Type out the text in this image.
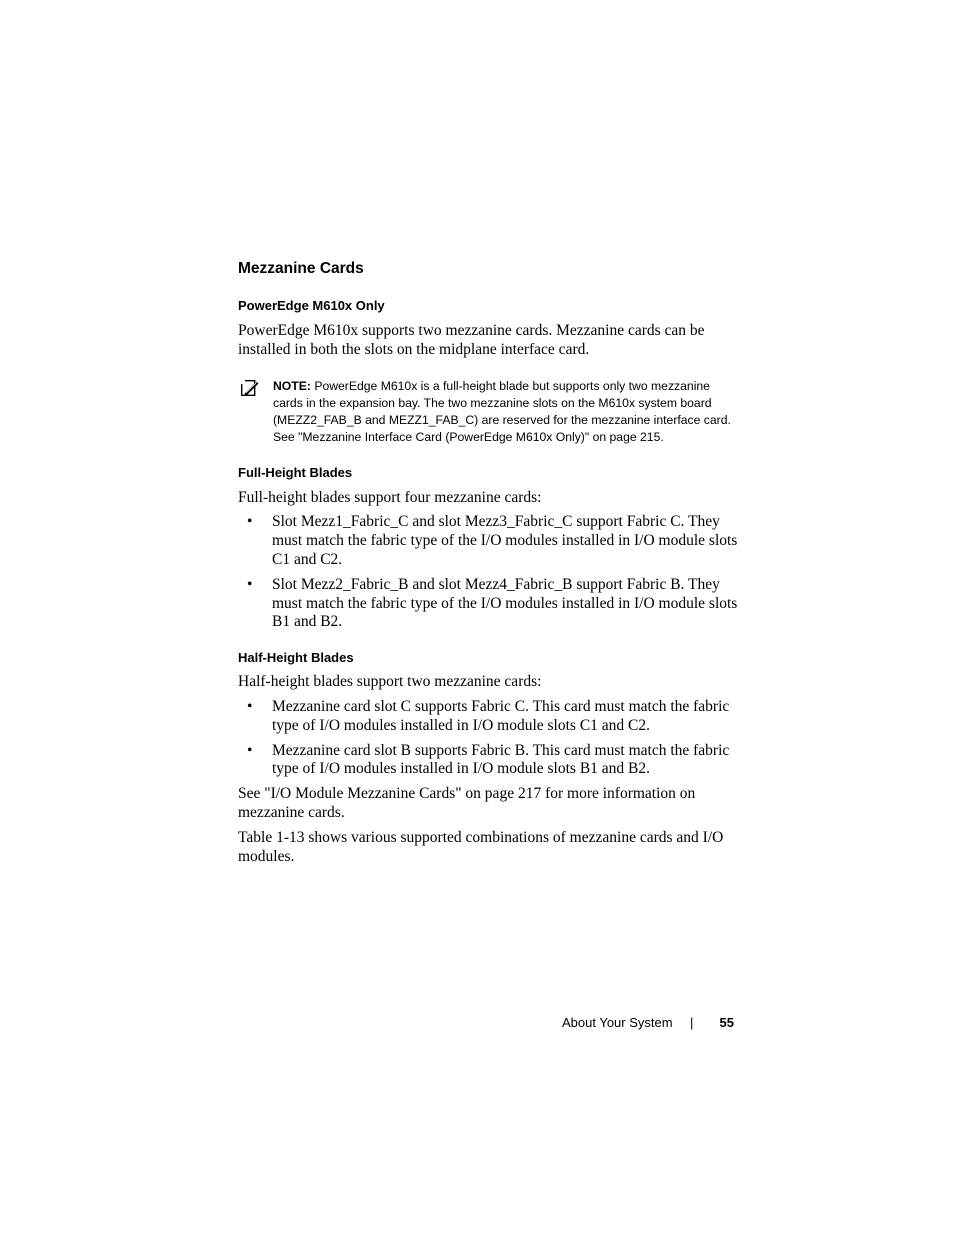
Mezzanine Cards
PowerEdge M610x Only

PowerEdge M610x supports two mezzanine cards. Mezzanine cards can be installed in both the slots on the midplane interface card.

NOTE: PowerEdge M610x is a full-height blade but supports only two mezzanine cards in the expansion bay. The two mezzanine slots on the M610x system board (MEZZ2_FAB_B and MEZZ1_FAB_C) are reserved for the mezzanine interface card. See "Mezzanine Interface Card (PowerEdge M610x Only)" on page 215.
Full-Height Blades

Full-height blades support four mezzanine cards:

• Slot Mezz1_Fabric_C and slot Mezz3_Fabric_C support Fabric C. They must match the fabric type of the I/O modules installed in I/O module slots C1 and C2.
• Slot Mezz2_Fabric_B and slot Mezz4_Fabric_B support Fabric B. They must match the fabric type of the I/O modules installed in I/O module slots B1 and B2.
Half-Height Blades

Half-height blades support two mezzanine cards:

• Mezzanine card slot C supports Fabric C. This card must match the fabric type of I/O modules installed in I/O module slots C1 and C2.
• Mezzanine card slot B supports Fabric B. This card must match the fabric type of I/O modules installed in I/O module slots B1 and B2.

See "I/O Module Mezzanine Cards" on page 217 for more information on mezzanine cards.

Table 1-13 shows various supported combinations of mezzanine cards and I/O modules.

About Your System | 55
